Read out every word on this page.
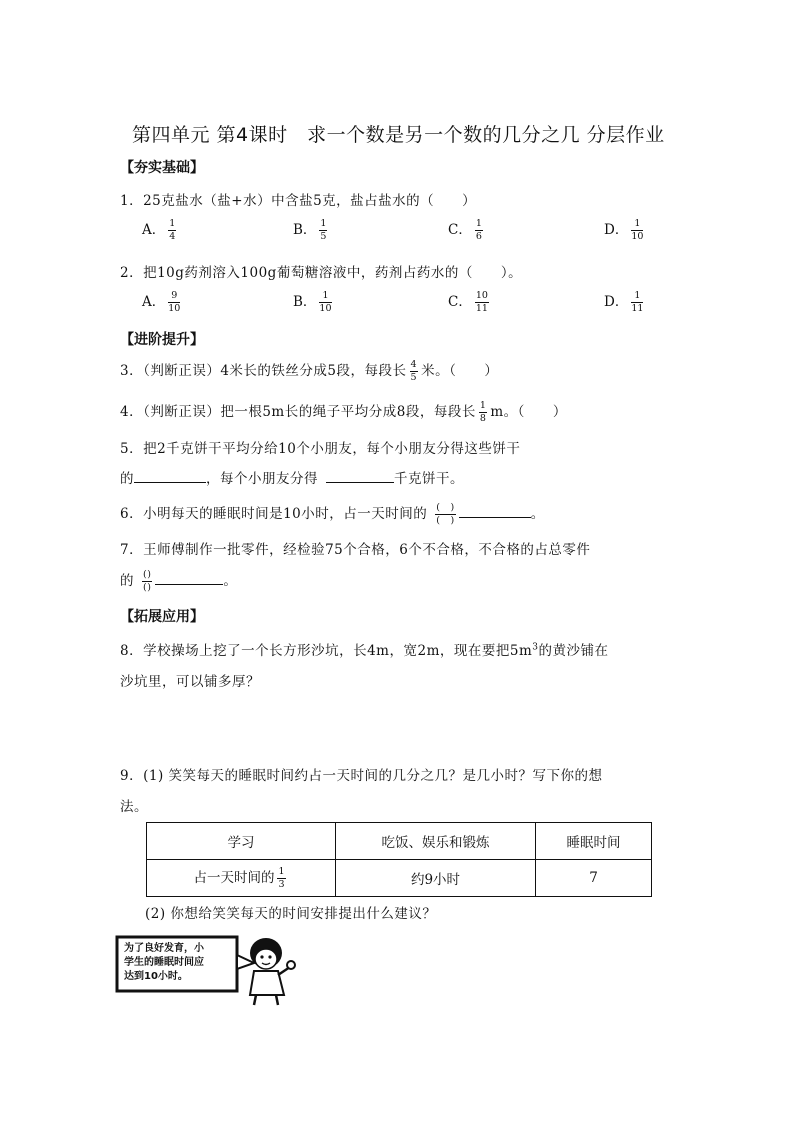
第四单元 第4课时　求一个数是另一个数的几分之几 分层作业
【夯实基础】
1．25克盐水（盐+水）中含盐5克，盐占盐水的（　　）
A． $\frac{1}{4}$	B． $\frac{1}{5}$	C． $\frac{1}{6}$	D． $\frac{1}{10}$
2．把10g药剂溶入100g葡萄糖溶液中，药剂占药水的（　　）。
A． $\frac{9}{10}$	B． $\frac{1}{10}$	C． $\frac{10}{11}$	D． $\frac{1}{11}$
【进阶提升】
3．（判断正误）4米长的铁丝分成5段，每段长 $\frac{4}{5}$ 米。（　　）
4．（判断正误）把一根5m长的绳子平均分成8段，每段长 $\frac{1}{8}$ m。（　　）
5．把2千克饼干平均分给10个小朋友，每个小朋友分得这些饼干
的	，每个小朋友分得	千克饼干。
6．小明每天的睡眠时间是10小时，占一天时间的 $\frac{( )}{( )}$	。
7．王师傅制作一批零件，经检验75个合格，6个不合格，不合格的占总零件
的 $\frac{()}{()}$	。
【拓展应用】
8．学校操场上挖了一个长方形沙坑，长4m，宽2m，现在要把$5m^3$的黄沙铺在
沙坑里，可以铺多厚？
9．(1) 笑笑每天的睡眠时间约占一天时间的几分之几？是几小时？写下你的想
法。
学习	吃饭、娱乐和锻炼	睡眠时间
占一天时间的 $\frac{1}{3}$	约9小时	7
(2) 你想给笑笑每天的时间安排提出什么建议？
为了良好发育，小
学生的睡眠时间应
达到10小时。
